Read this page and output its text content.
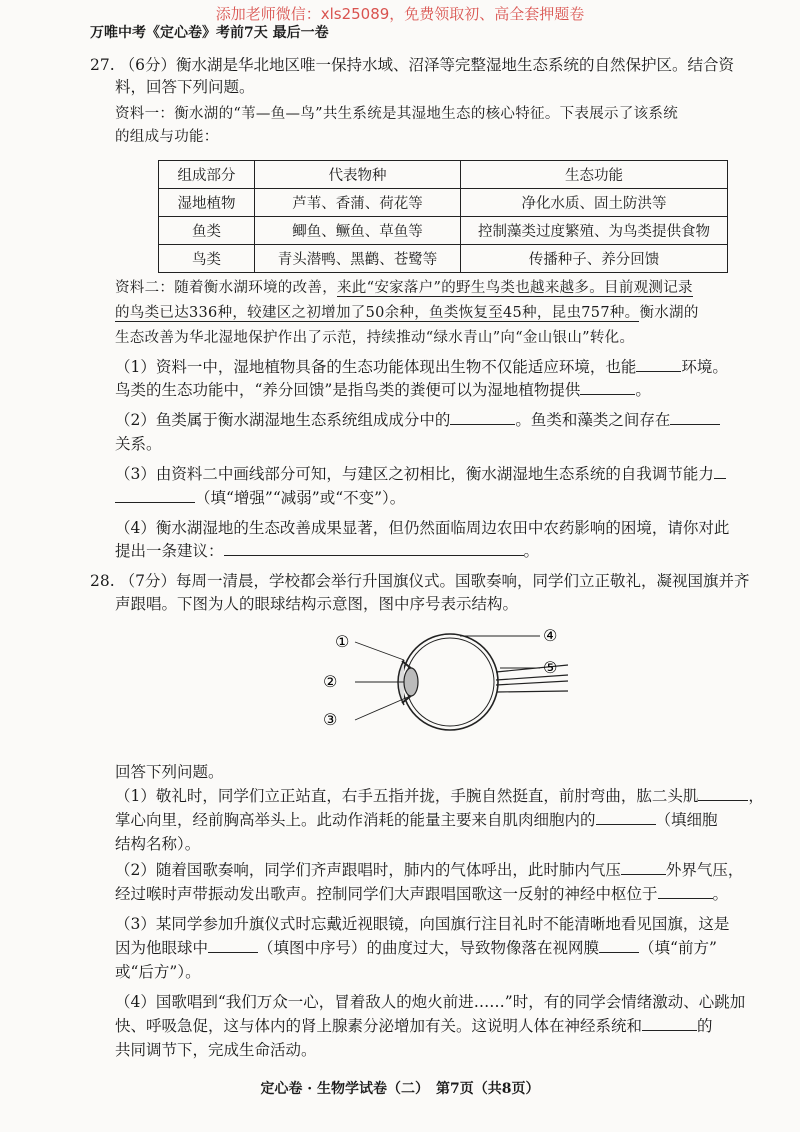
添加老师微信：xls25089，免费领取初、高全套押题卷
万唯中考《定心卷》考前7天 最后一卷
27. （6分）衡水湖是华北地区唯一保持水域、沼泽等完整湿地生态系统的自然保护区。结合资
料，回答下列问题。
资料一：衡水湖的“苇—鱼—鸟”共生系统是其湿地生态的核心特征。下表展示了该系统
的组成与功能：
组成部分	代表物种	生态功能
湿地植物	芦苇、香蒲、荷花等	净化水质、固土防洪等
鱼类	鲫鱼、鳜鱼、草鱼等	控制藻类过度繁殖、为鸟类提供食物
鸟类	青头潜鸭、黑鹳、苍鹭等	传播种子、养分回馈
资料二：随着衡水湖环境的改善，来此“安家落户”的野生鸟类也越来越多。目前观测记录
的鸟类已达336种，较建区之初增加了50余种，鱼类恢复至45种，昆虫757种。衡水湖的
生态改善为华北湿地保护作出了示范，持续推动“绿水青山”向“金山银山”转化。
（1）资料一中，湿地植物具备的生态功能体现出生物不仅能适应环境，也能	环境。
鸟类的生态功能中，“养分回馈”是指鸟类的粪便可以为湿地植物提供	。
（2）鱼类属于衡水湖湿地生态系统组成成分中的	。鱼类和藻类之间存在
关系。
（3）由资料二中画线部分可知，与建区之初相比，衡水湖湿地生态系统的自我调节能力
（填“增强”“减弱”或“不变”）。
（4）衡水湖湿地的生态改善成果显著，但仍然面临周边农田中农药影响的困境，请你对此
提出一条建议：	。
28. （7分）每周一清晨，学校都会举行升国旗仪式。国歌奏响，同学们立正敬礼，凝视国旗并齐
声跟唱。下图为人的眼球结构示意图，图中序号表示结构。
①
②
③
④
⑤
回答下列问题。
（1）敬礼时，同学们立正站直，右手五指并拢，手腕自然挺直，前肘弯曲，肱二头肌	，
掌心向里，经前胸高举头上。此动作消耗的能量主要来自肌肉细胞内的	（填细胞
结构名称）。
（2）随着国歌奏响，同学们齐声跟唱时，肺内的气体呼出，此时肺内气压	外界气压，
经过喉时声带振动发出歌声。控制同学们大声跟唱国歌这一反射的神经中枢位于	。
（3）某同学参加升旗仪式时忘戴近视眼镜，向国旗行注目礼时不能清晰地看见国旗，这是
因为他眼球中	（填图中序号）的曲度过大，导致物像落在视网膜	（填“前方”
或“后方”）。
（4）国歌唱到“我们万众一心，冒着敌人的炮火前进……”时，有的同学会情绪激动、心跳加
快、呼吸急促，这与体内的肾上腺素分泌增加有关。这说明人体在神经系统和	的
共同调节下，完成生命活动。
定心卷 · 生物学试卷（二）　第7页（共8页）
